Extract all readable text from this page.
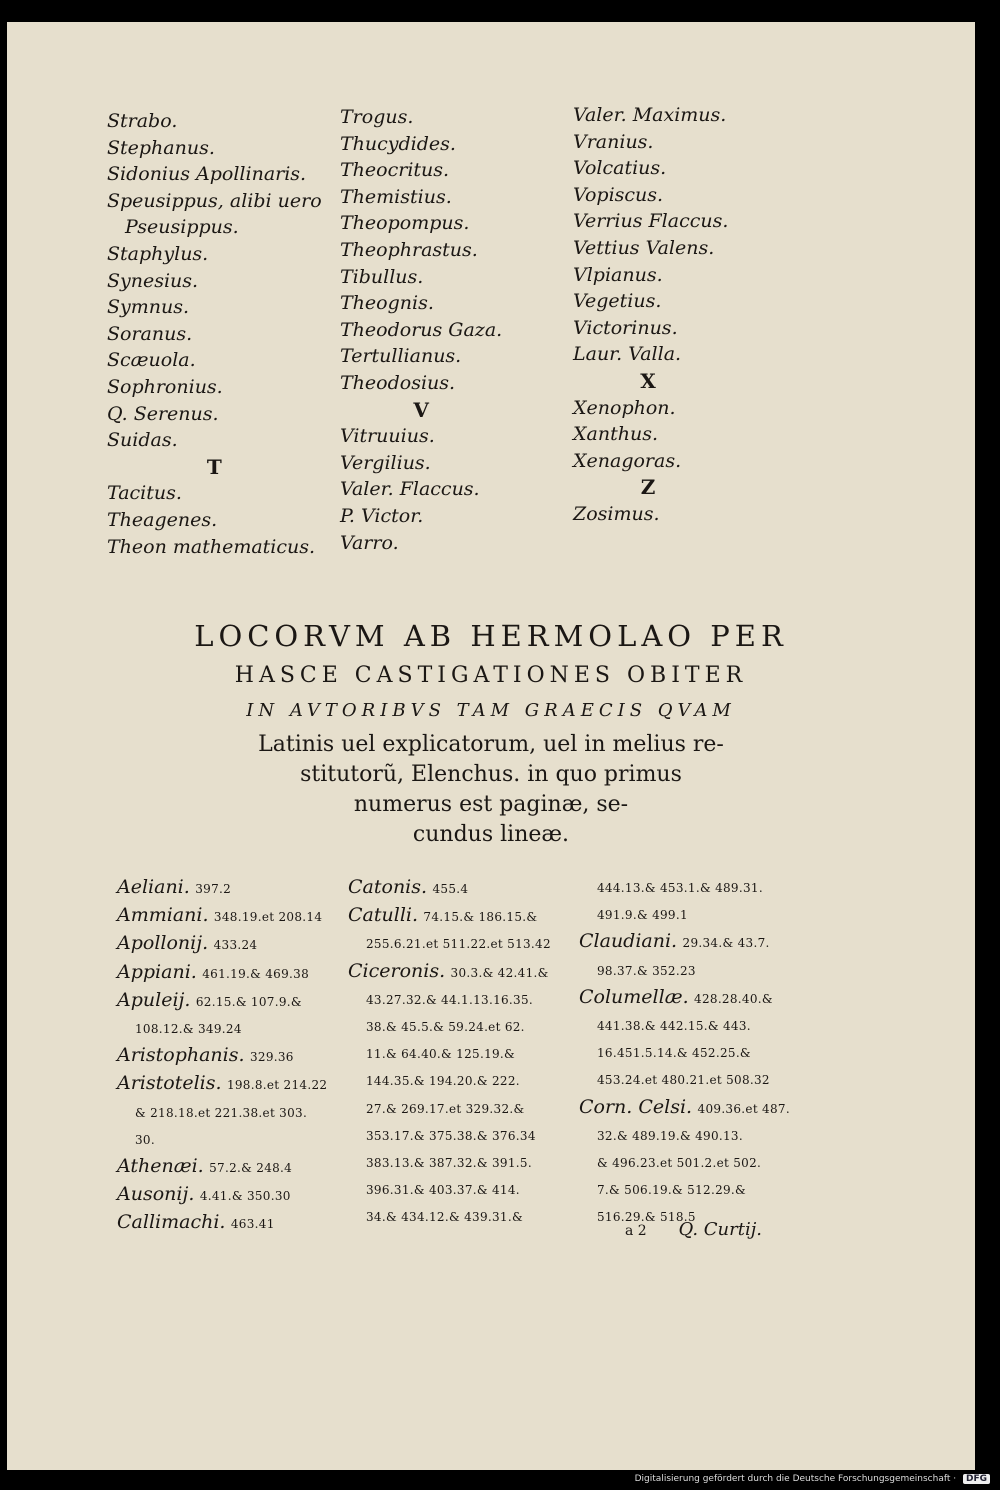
Strabo.
Stephanus.
Sidonius Apollinaris.
Speusippus, alibi uero
Pseusippus.
Staphylus.
Synesius.
Symnus.
Soranus.
Scæuola.
Sophronius.
Q. Serenus.
Suidas.
T
Tacitus.
Theagenes.
Theon mathematicus.
Trogus.
Thucydides.
Theocritus.
Themistius.
Theopompus.
Theophrastus.
Tibullus.
Theognis.
Theodorus Gaza.
Tertullianus.
Theodosius.
V
Vitruuius.
Vergilius.
Valer. Flaccus.
P. Victor.
Varro.
Valer. Maximus.
Vranius.
Volcatius.
Vopiscus.
Verrius Flaccus.
Vettius Valens.
Vlpianus.
Vegetius.
Victorinus.
Laur. Valla.
X
Xenophon.
Xanthus.
Xenagoras.
Z
Zosimus.
LOCORVM AB HERMOLAO PER
HASCE CASTIGATIONES OBITER
IN AVTORIBVS TAM GRAECIS QVAM
Latinis uel explicatorum, uel in melius re-
stitutorũ, Elenchus. in quo primus
numerus est paginæ, se-
cundus lineæ.
Aeliani. 397.2
Ammiani. 348.19.et 208.14
Apollonij. 433.24
Appiani. 461.19.& 469.38
Apuleij. 62.15.& 107.9.&
108.12.& 349.24
Aristophanis. 329.36
Aristotelis. 198.8.et 214.22
& 218.18.et 221.38.et 303.
30.
Athenæi. 57.2.& 248.4
Ausonij. 4.41.& 350.30
Callimachi. 463.41
Catonis. 455.4
Catulli. 74.15.& 186.15.&
255.6.21.et 511.22.et 513.42
Ciceronis. 30.3.& 42.41.&
43.27.32.& 44.1.13.16.35.
38.& 45.5.& 59.24.et 62.
11.& 64.40.& 125.19.&
144.35.& 194.20.& 222.
27.& 269.17.et 329.32.&
353.17.& 375.38.& 376.34
383.13.& 387.32.& 391.5.
396.31.& 403.37.& 414.
34.& 434.12.& 439.31.&
444.13.& 453.1.& 489.31.
491.9.& 499.1
Claudiani. 29.34.& 43.7.
98.37.& 352.23
Columellæ. 428.28.40.&
441.38.& 442.15.& 443.
16.451.5.14.& 452.25.&
453.24.et 480.21.et 508.32
Corn. Celsi. 409.36.et 487.
32.& 489.19.& 490.13.
& 496.23.et 501.2.et 502.
7.& 506.19.& 512.29.&
516.29.& 518.5
a 2 Q. Curtij.
Digitalisierung gefördert durch die Deutsche Forschungsgemeinschaft · DFG
